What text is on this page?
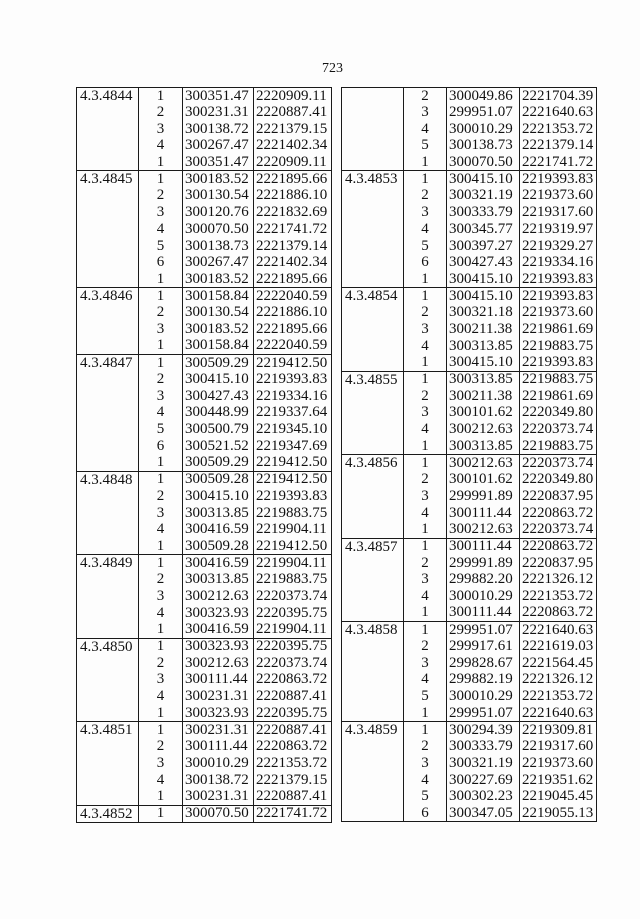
723
4.3.4844	1	300351.47	2220909.11
	2	300231.31	2220887.41
	3	300138.72	2221379.15
	4	300267.47	2221402.34
	1	300351.47	2220909.11
4.3.4845	1	300183.52	2221895.66
	2	300130.54	2221886.10
	3	300120.76	2221832.69
	4	300070.50	2221741.72
	5	300138.73	2221379.14
	6	300267.47	2221402.34
	1	300183.52	2221895.66
4.3.4846	1	300158.84	2222040.59
	2	300130.54	2221886.10
	3	300183.52	2221895.66
	1	300158.84	2222040.59
4.3.4847	1	300509.29	2219412.50
	2	300415.10	2219393.83
	3	300427.43	2219334.16
	4	300448.99	2219337.64
	5	300500.79	2219345.10
	6	300521.52	2219347.69
	1	300509.29	2219412.50
4.3.4848	1	300509.28	2219412.50
	2	300415.10	2219393.83
	3	300313.85	2219883.75
	4	300416.59	2219904.11
	1	300509.28	2219412.50
4.3.4849	1	300416.59	2219904.11
	2	300313.85	2219883.75
	3	300212.63	2220373.74
	4	300323.93	2220395.75
	1	300416.59	2219904.11
4.3.4850	1	300323.93	2220395.75
	2	300212.63	2220373.74
	3	300111.44	2220863.72
	4	300231.31	2220887.41
	1	300323.93	2220395.75
4.3.4851	1	300231.31	2220887.41
	2	300111.44	2220863.72
	3	300010.29	2221353.72
	4	300138.72	2221379.15
	1	300231.31	2220887.41
4.3.4852	1	300070.50	2221741.72
	2	300049.86	2221704.39
	3	299951.07	2221640.63
	4	300010.29	2221353.72
	5	300138.73	2221379.14
	1	300070.50	2221741.72
4.3.4853	1	300415.10	2219393.83
	2	300321.19	2219373.60
	3	300333.79	2219317.60
	4	300345.77	2219319.97
	5	300397.27	2219329.27
	6	300427.43	2219334.16
	1	300415.10	2219393.83
4.3.4854	1	300415.10	2219393.83
	2	300321.18	2219373.60
	3	300211.38	2219861.69
	4	300313.85	2219883.75
	1	300415.10	2219393.83
4.3.4855	1	300313.85	2219883.75
	2	300211.38	2219861.69
	3	300101.62	2220349.80
	4	300212.63	2220373.74
	1	300313.85	2219883.75
4.3.4856	1	300212.63	2220373.74
	2	300101.62	2220349.80
	3	299991.89	2220837.95
	4	300111.44	2220863.72
	1	300212.63	2220373.74
4.3.4857	1	300111.44	2220863.72
	2	299991.89	2220837.95
	3	299882.20	2221326.12
	4	300010.29	2221353.72
	1	300111.44	2220863.72
4.3.4858	1	299951.07	2221640.63
	2	299917.61	2221619.03
	3	299828.67	2221564.45
	4	299882.19	2221326.12
	5	300010.29	2221353.72
	1	299951.07	2221640.63
4.3.4859	1	300294.39	2219309.81
	2	300333.79	2219317.60
	3	300321.19	2219373.60
	4	300227.69	2219351.62
	5	300302.23	2219045.45
	6	300347.05	2219055.13
